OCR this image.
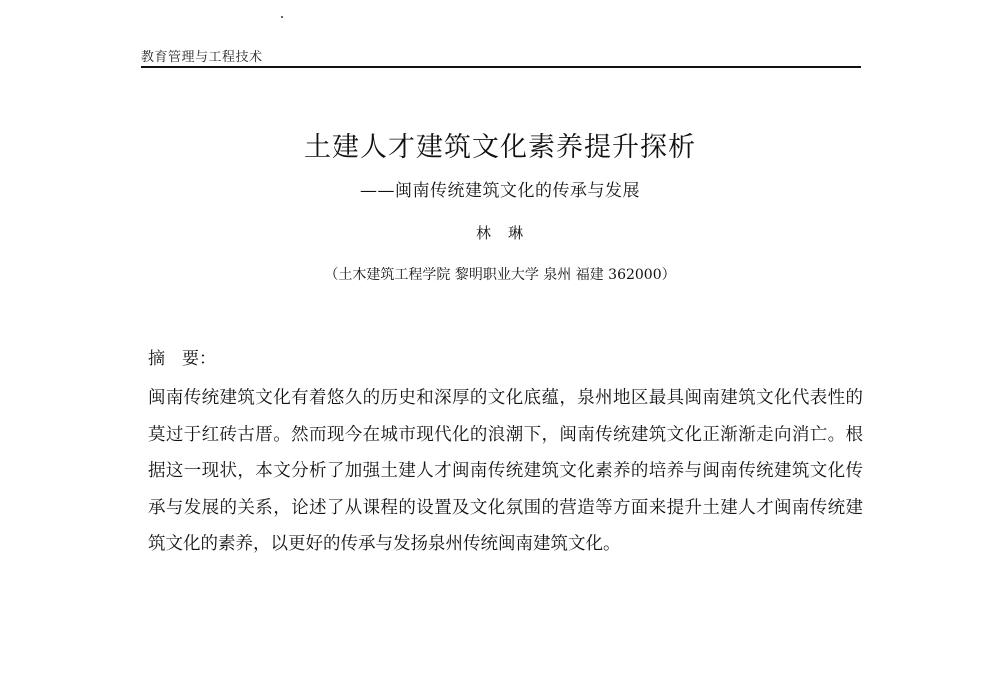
教育管理与工程技术
土建人才建筑文化素养提升探析
——闽南传统建筑文化的传承与发展
林　琳
（土木建筑工程学院 黎明职业大学 泉州 福建 362000）
摘　要：
闽南传统建筑文化有着悠久的历史和深厚的文化底蕴，泉州地区最具闽南建筑文化代表性的莫过于红砖古厝。然而现今在城市现代化的浪潮下，闽南传统建筑文化正渐渐走向消亡。根据这一现状，本文分析了加强土建人才闽南传统建筑文化素养的培养与闽南传统建筑文化传承与发展的关系，论述了从课程的设置及文化氛围的营造等方面来提升土建人才闽南传统建筑文化的素养，以更好的传承与发扬泉州传统闽南建筑文化。
